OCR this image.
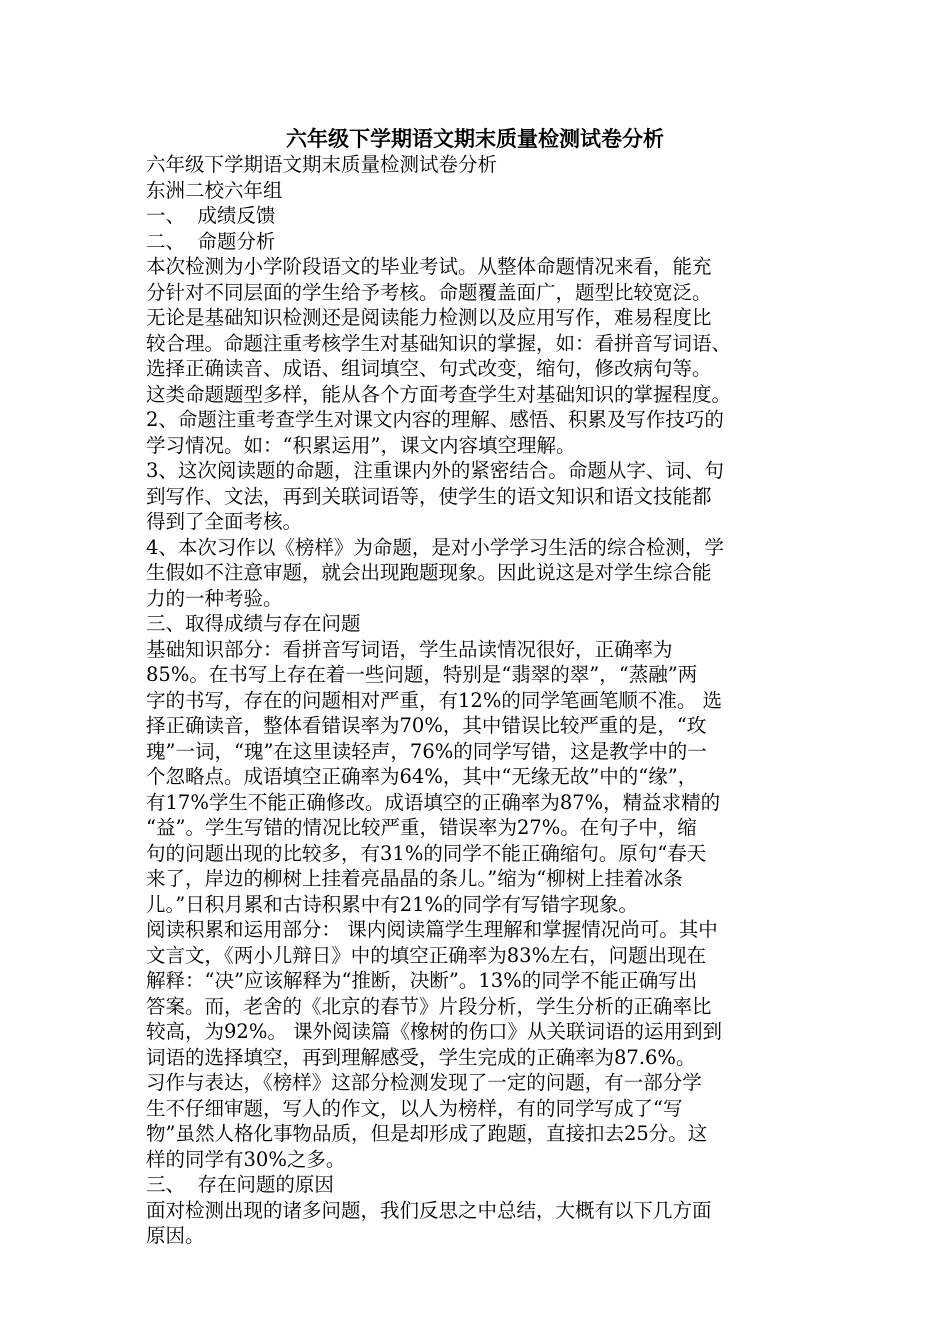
六年级下学期语文期末质量检测试卷分析
六年级下学期语文期末质量检测试卷分析
东洲二校六年组
一、  成绩反馈
二、  命题分析
本次检测为小学阶段语文的毕业考试。从整体命题情况来看，能充
分针对不同层面的学生给予考核。命题覆盖面广，题型比较宽泛。
无论是基础知识检测还是阅读能力检测以及应用写作，难易程度比
较合理。命题注重考核学生对基础知识的掌握，如：看拼音写词语、
选择正确读音、成语、组词填空、句式改变，缩句，修改病句等。
这类命题题型多样，能从各个方面考查学生对基础知识的掌握程度。
2、命题注重考查学生对课文内容的理解、感悟、积累及写作技巧的
学习情况。如：“积累运用”，课文内容填空理解。
3、这次阅读题的命题，注重课内外的紧密结合。命题从字、词、句
到写作、文法，再到关联词语等，使学生的语文知识和语文技能都
得到了全面考核。
4、本次习作以《榜样》为命题，是对小学学习生活的综合检测，学
生假如不注意审题，就会出现跑题现象。因此说这是对学生综合能
力的一种考验。
三、取得成绩与存在问题
基础知识部分：看拼音写词语，学生品读情况很好，正确率为
85%。在书写上存在着一些问题，特别是“翡翠的翠”，“蒸融”两
字的书写，存在的问题相对严重，有12%的同学笔画笔顺不准。 选
择正确读音，整体看错误率为70%，其中错误比较严重的是，“玫
瑰”一词，“瑰”在这里读轻声，76%的同学写错，这是教学中的一
个忽略点。成语填空正确率为64%，其中“无缘无故”中的“缘”，
有17%学生不能正确修改。成语填空的正确率为87%，精益求精的
“益”。学生写错的情况比较严重，错误率为27%。在句子中，缩
句的问题出现的比较多，有31%的同学不能正确缩句。原句“春天
来了，岸边的柳树上挂着亮晶晶的条儿。”缩为“柳树上挂着冰条
儿。”日积月累和古诗积累中有21%的同学有写错字现象。
阅读积累和运用部分： 课内阅读篇学生理解和掌握情况尚可。其中
文言文，《两小儿辩日》中的填空正确率为83%左右，问题出现在
解释：“决”应该解释为“推断，决断”。13%的同学不能正确写出
答案。而，老舍的《北京的春节》片段分析，学生分析的正确率比
较高，为92%。 课外阅读篇《橡树的伤口》从关联词语的运用到到
词语的选择填空，再到理解感受，学生完成的正确率为87.6%。
习作与表达，《榜样》这部分检测发现了一定的问题，有一部分学
生不仔细审题，写人的作文，以人为榜样，有的同学写成了“写
物”虽然人格化事物品质，但是却形成了跑题，直接扣去25分。这
样的同学有30%之多。
三、  存在问题的原因
面对检测出现的诸多问题，我们反思之中总结，大概有以下几方面
原因。
